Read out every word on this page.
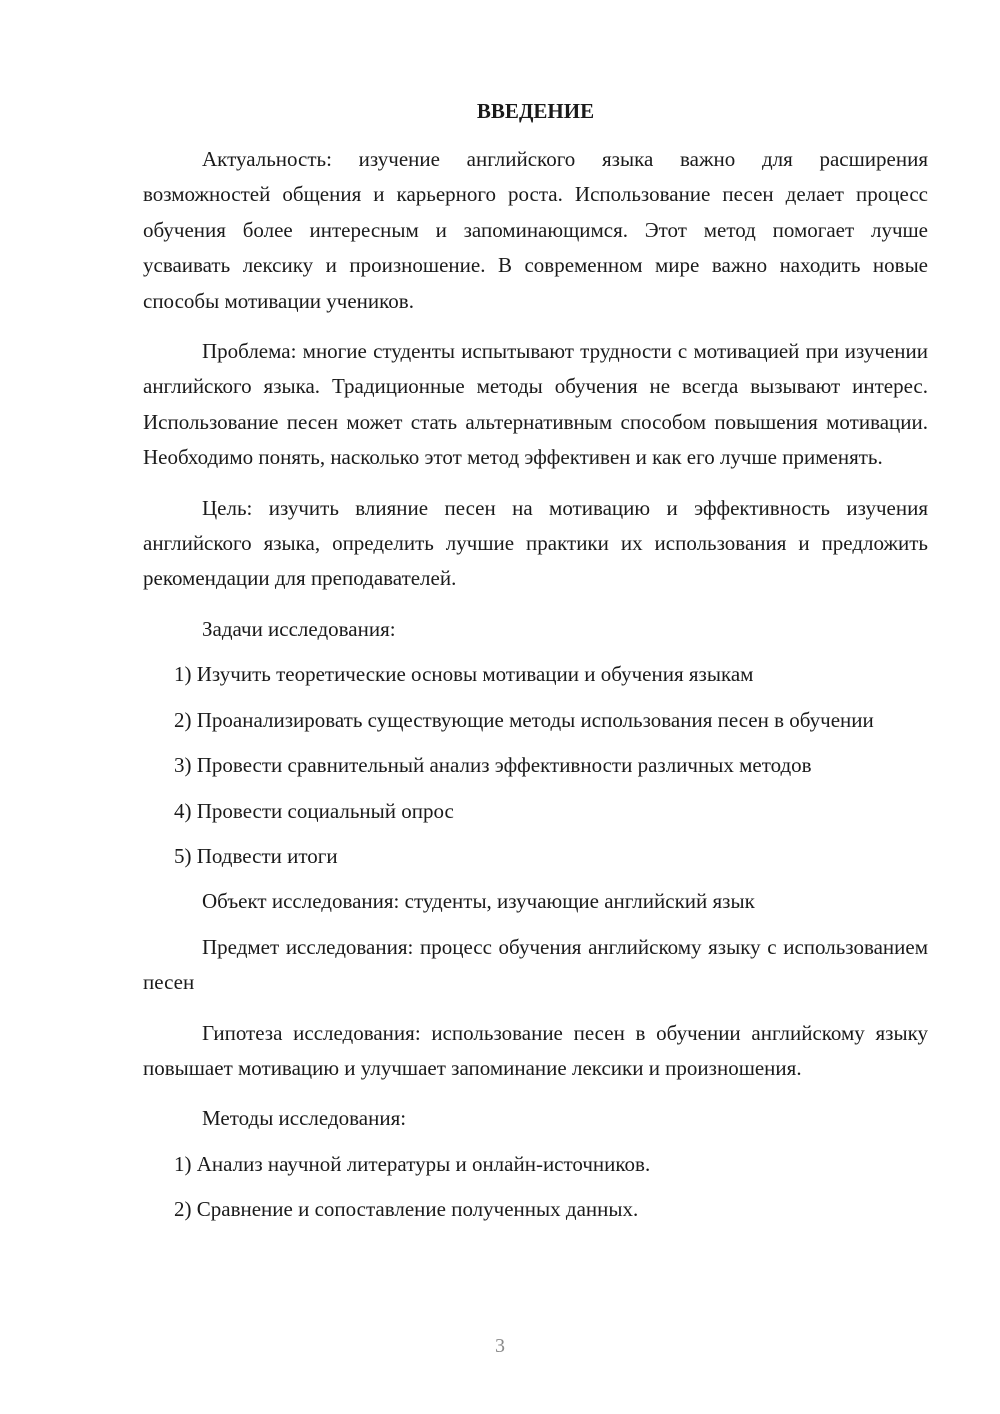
ВВЕДЕНИЕ

Актуальность: изучение английского языка важно для расширения возможностей общения и карьерного роста. Использование песен делает процесс обучения более интересным и запоминающимся. Этот метод помогает лучше усваивать лексику и произношение. В современном мире важно находить новые способы мотивации учеников.

Проблема: многие студенты испытывают трудности с мотивацией при изучении английского языка. Традиционные методы обучения не всегда вызывают интерес. Использование песен может стать альтернативным способом повышения мотивации. Необходимо понять, насколько этот метод эффективен и как его лучше применять.

Цель: изучить влияние песен на мотивацию и эффективность изучения английского языка, определить лучшие практики их использования и предложить рекомендации для преподавателей.

Задачи исследования:

1) Изучить теоретические основы мотивации и обучения языкам

2) Проанализировать существующие методы использования песен в обучении

3) Провести сравнительный анализ эффективности различных методов

4) Провести социальный опрос

5) Подвести итоги

Объект исследования: студенты, изучающие английский язык

Предмет исследования: процесс обучения английскому языку с использованием песен

Гипотеза исследования: использование песен в обучении английскому языку повышает мотивацию и улучшает запоминание лексики и произношения.

Методы исследования:

1) Анализ научной литературы и онлайн-источников.

2) Сравнение и сопоставление полученных данных.

3
